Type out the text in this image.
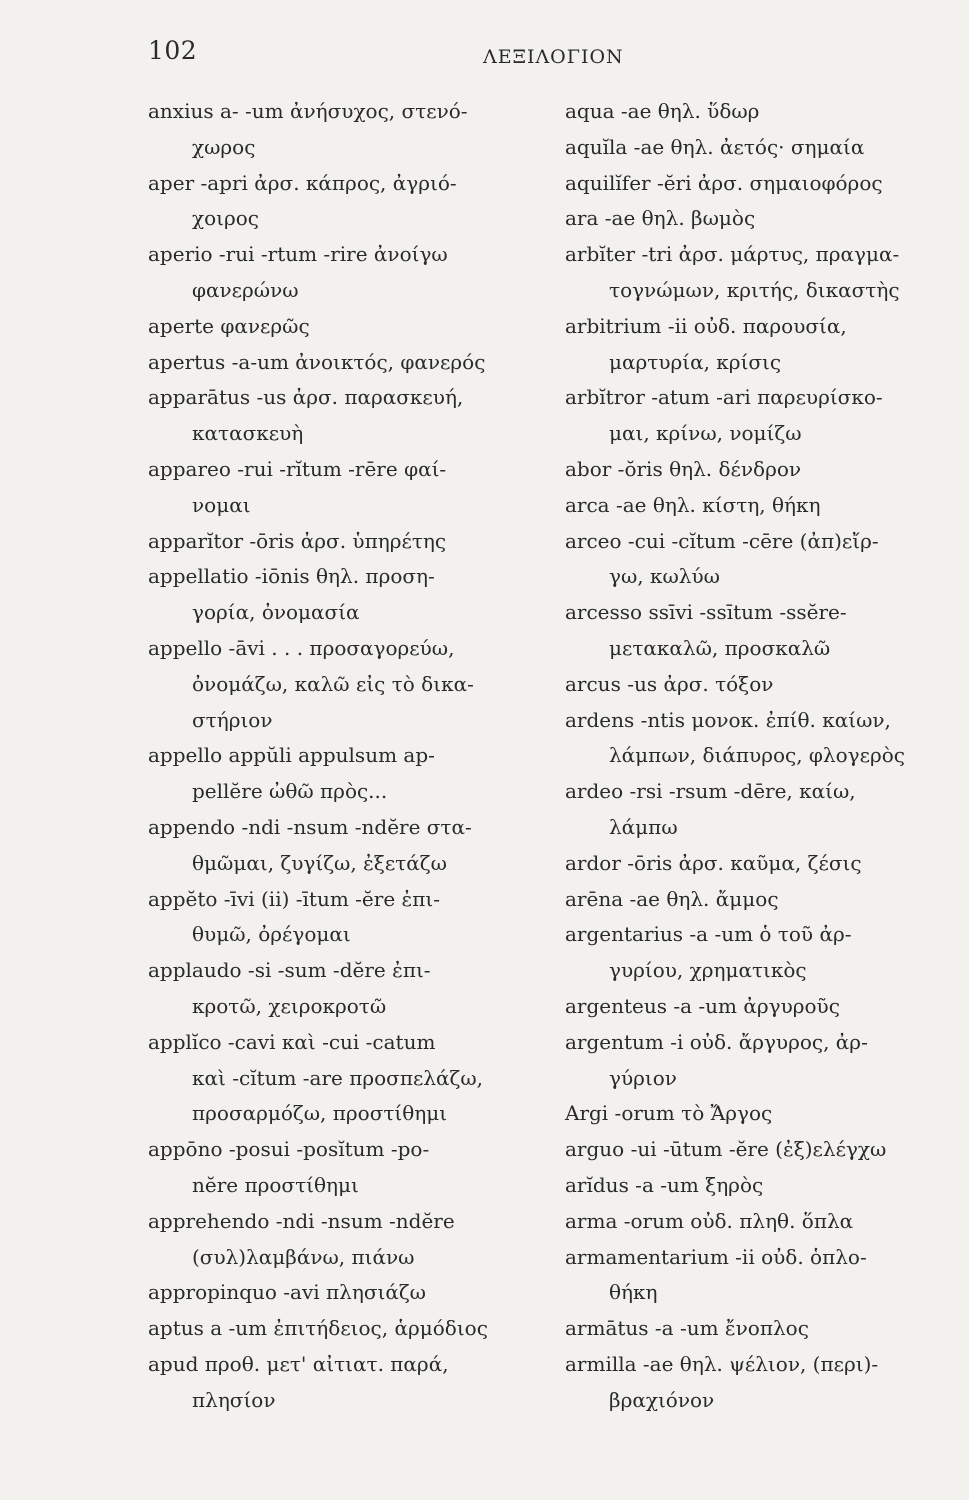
102	ΛΕΞΙΛΟΓΙΟΝ
anxius a- -um ἀνήσυχος, στενό-
χωρος
aper -apri ἀρσ. κάπρος, ἀγριό-
χοιρος
aperio -rui -rtum -rire ἀνοίγω
φανερώνω
aperte φανερῶς
apertus -a-um ἀνοικτός, φανερός
apparātus -us ἀρσ. παρασκευή,
κατασκευὴ
appareo -rui -rĭtum -rēre φαί-
νομαι
apparĭtor -ōris ἀρσ. ὑπηρέτης
appellatio -iōnis θηλ. προση-
γορία, ὀνομασία
appello -āvi . . . προσαγορεύω,
ὀνομάζω, καλῶ εἰς τὸ δικα-
στήριον
appello appŭli appulsum ap-
pellĕre ὠθῶ πρὸς...
appendo -ndi -nsum -ndĕre στα-
θμῶμαι, ζυγίζω, ἐξετάζω
appĕto -īvi (ii) -ītum -ĕre ἐπι-
θυμῶ, ὀρέγομαι
applaudo -si -sum -dĕre ἐπι-
κροτῶ, χειροκροτῶ
applĭco -cavi καὶ -cui -catum
καὶ -cĭtum -are προσπελάζω,
προσαρμόζω, προστίθημι
appōno -posui -posĭtum -po-
nĕre προστίθημι
apprehendo -ndi -nsum -ndĕre
(συλ)λαμβάνω, πιάνω
appropinquo -avi πλησιάζω
aptus a -um ἐπιτήδειος, ἁρμόδιος
apud προθ. μετ' αἰτιατ. παρά,
πλησίον
aqua -ae θηλ. ὕδωρ
aquĭla -ae θηλ. ἀετός· σημαία
aquilĭfer -ĕri ἀρσ. σημαιοφόρος
ara -ae θηλ. βωμὸς
arbĭter -tri ἀρσ. μάρτυς, πραγμα-
τογνώμων, κριτής, δικαστὴς
arbitrium -ii οὐδ. παρουσία,
μαρτυρία, κρίσις
arbĭtror -atum -ari παρευρίσκο-
μαι, κρίνω, νομίζω
abor -ŏris θηλ. δένδρον
arca -ae θηλ. κίστη, θήκη
arceo -cui -cĭtum -cēre (ἀπ)εἴρ-
γω, κωλύω
arcesso ssīvi -ssītum -ssĕre-
μετακαλῶ, προσκαλῶ
arcus -us ἀρσ. τόξον
ardens -ntis μονοκ. ἐπίθ. καίων,
λάμπων, διάπυρος, φλογερὸς
ardeo -rsi -rsum -dēre, καίω,
λάμπω
ardor -ōris ἀρσ. καῦμα, ζέσις
arēna -ae θηλ. ἄμμος
argentarius -a -um ὁ τοῦ ἀρ-
γυρίου, χρηματικὸς
argenteus -a -um ἀργυροῦς
argentum -i οὐδ. ἄργυρος, ἀρ-
γύριον
Argi -orum τὸ Ἄργος
arguo -ui -ūtum -ĕre (ἐξ)ελέγχω
arĭdus -a -um ξηρὸς
arma -orum οὐδ. πληθ. ὅπλα
armamentarium -ii οὐδ. ὁπλο-
θήκη
armātus -a -um ἔνοπλος
armilla -ae θηλ. ψέλιον, (περι)-
βραχιόνον
